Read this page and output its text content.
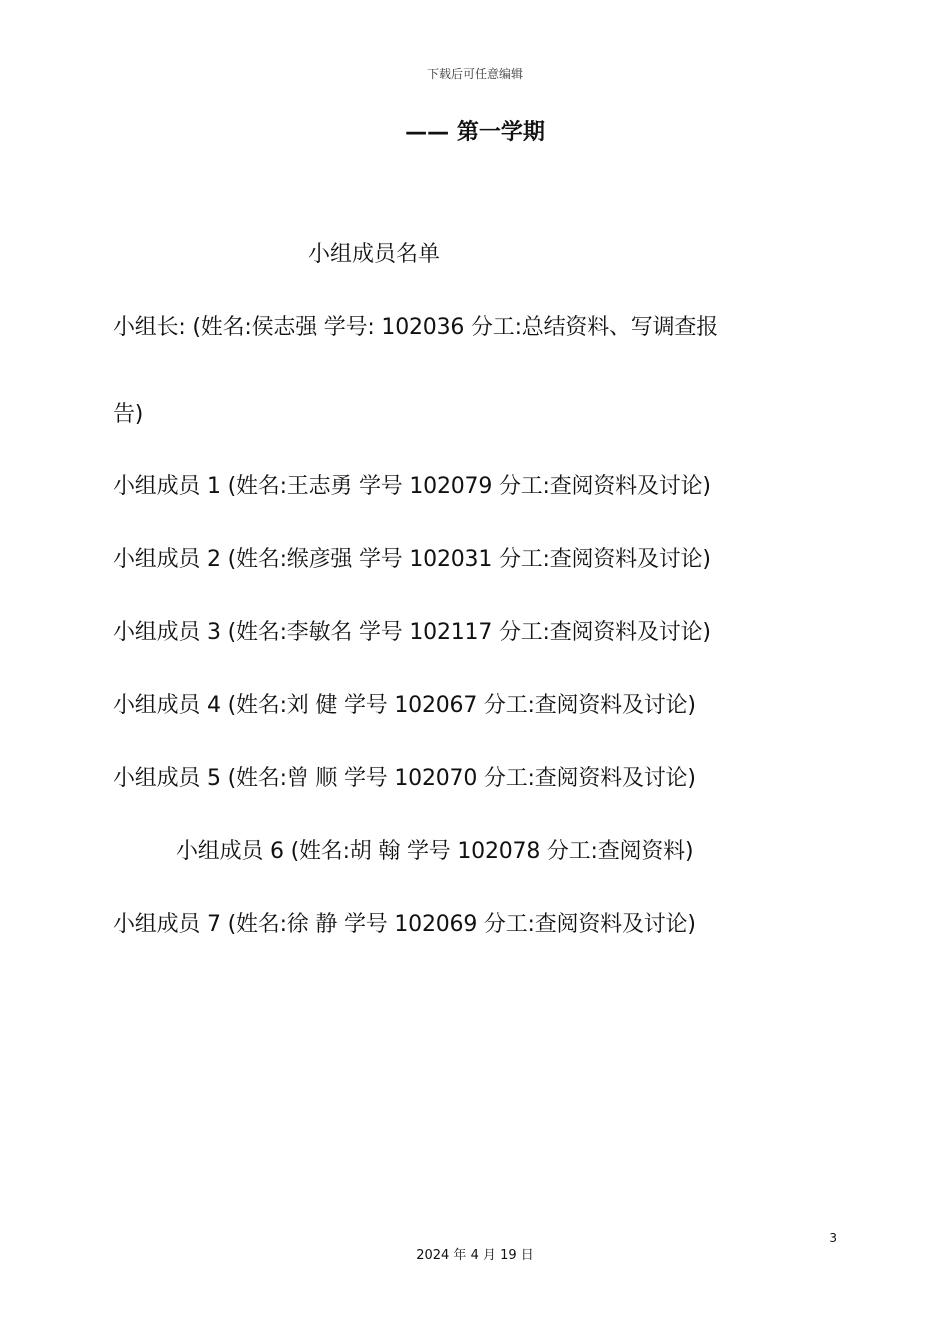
下载后可任意编辑
—— 第一学期
小组成员名单
小组长: (姓名:侯志强 学号: 102036 分工:总结资料、写调查报
告)
小组成员 1 (姓名:王志勇 学号 102079 分工:查阅资料及讨论)
小组成员 2 (姓名:缑彦强 学号 102031 分工:查阅资料及讨论)
小组成员 3 (姓名:李敏名 学号 102117 分工:查阅资料及讨论)
小组成员 4 (姓名:刘 健 学号 102067 分工:查阅资料及讨论)
小组成员 5 (姓名:曾 顺 学号 102070 分工:查阅资料及讨论)
小组成员 6 (姓名:胡 翰 学号 102078 分工:查阅资料)
小组成员 7 (姓名:徐 静 学号 102069 分工:查阅资料及讨论)
3
2024 年 4 月 19 日
